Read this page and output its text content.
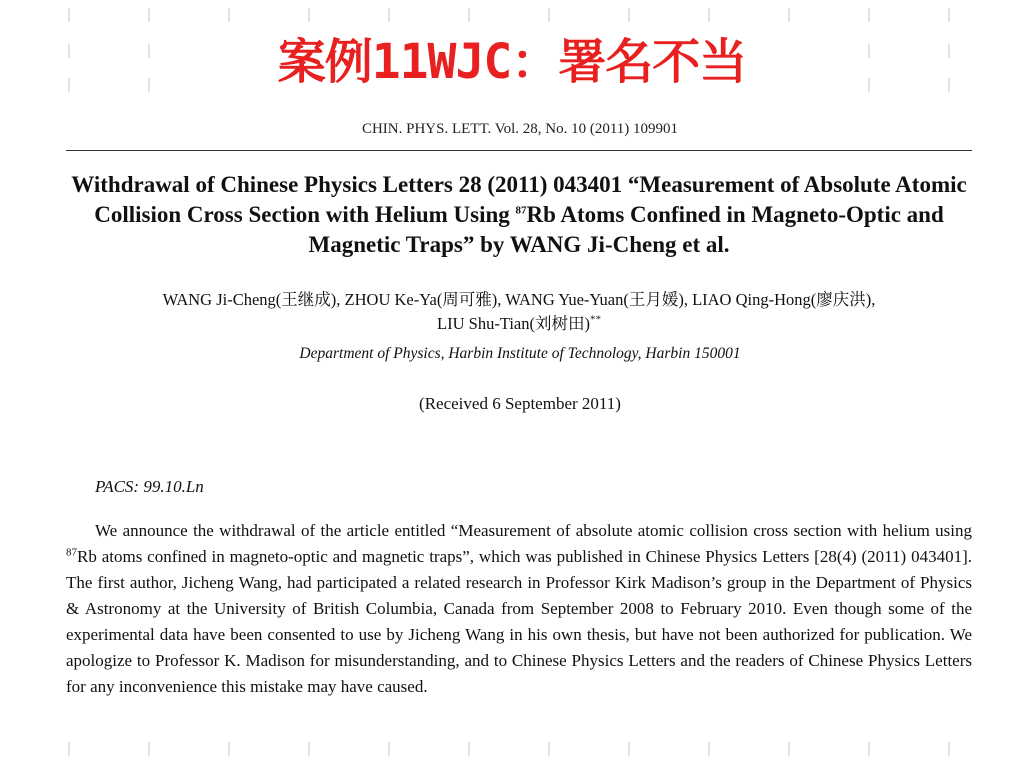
案例11WJC：署名不当
CHIN. PHYS. LETT. Vol. 28, No. 10 (2011) 109901
Withdrawal of Chinese Physics Letters 28 (2011) 043401 “Measurement of Absolute Atomic Collision Cross Section with Helium Using $^{87}$Rb Atoms Confined in Magneto-Optic and Magnetic Traps” by WANG Ji-Cheng et al.
WANG Ji-Cheng(王继成), ZHOU Ke-Ya(周可雅), WANG Yue-Yuan(王月媛), LIAO Qing-Hong(廖庆洪),
LIU Shu-Tian(刘树田)**
Department of Physics, Harbin Institute of Technology, Harbin 150001
(Received 6 September 2011)
PACS: 99.10.Ln
We announce the withdrawal of the article entitled “Measurement of absolute atomic collision cross section with helium using $^{87}$Rb atoms confined in magneto-optic and magnetic traps”, which was published in Chinese Physics Letters [28(4) (2011) 043401]. The first author, Jicheng Wang, had participated a related research in Professor Kirk Madison’s group in the Department of Physics & Astronomy at the University of British Columbia, Canada from September 2008 to February 2010. Even though some of the experimental data have been consented to use by Jicheng Wang in his own thesis, but have not been authorized for publication. We apologize to Professor K. Madison for misunderstanding, and to Chinese Physics Letters and the readers of Chinese Physics Letters for any inconvenience this mistake may have caused.
